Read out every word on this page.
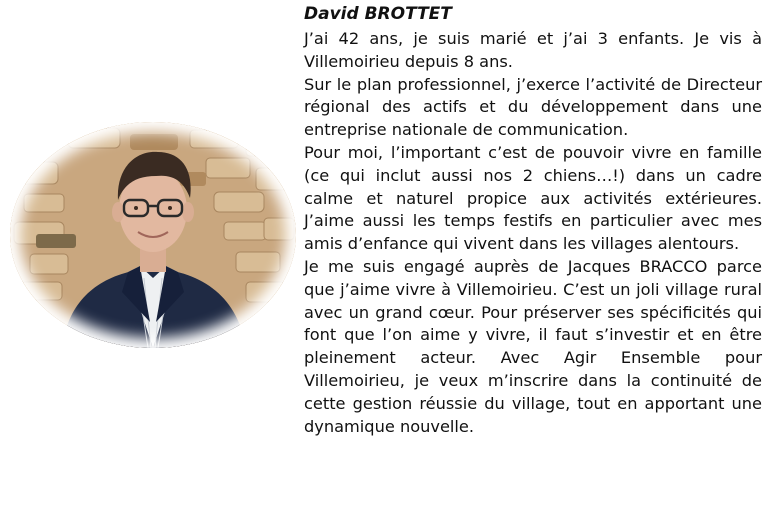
David BROTTET

J’ai 42 ans, je suis marié et j’ai 3 enfants. Je vis à Villemoirieu depuis 8 ans.

Sur le plan professionnel, j’exerce l’activité de Directeur régional des actifs et du développement dans une entreprise nationale de communication.

Pour moi, l’important c’est de pouvoir vivre en famille (ce qui inclut aussi nos 2 chiens…!) dans un cadre calme et naturel propice aux activités extérieures. J’aime aussi les temps festifs en particulier avec mes amis d’enfance qui vivent dans les villages alentours.

Je me suis engagé auprès de Jacques BRACCO parce que j’aime vivre à Villemoirieu. C’est un joli village rural avec un grand cœur. Pour préserver ses spécificités qui font que l’on aime y vivre, il faut s’investir et en être pleinement acteur. Avec Agir Ensemble pour Villemoirieu, je veux m’inscrire dans la continuité de cette gestion réussie du village, tout en apportant une dynamique nouvelle.
